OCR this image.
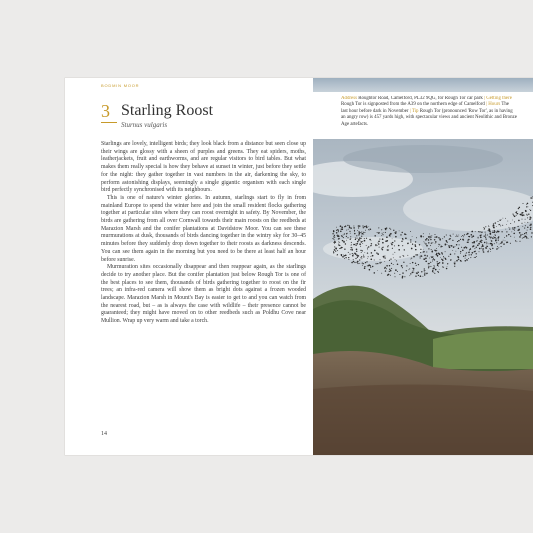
BODMIN MOOR
3 Starling Roost
Sturnus vulgaris

Starlings are lovely, intelligent birds; they look black from a distance but seen close up their wings are glossy with a sheen of purples and greens. They eat spiders, moths, leatherjackets, fruit and earthworms, and are regular visitors to bird tables. But what makes them really special is how they behave at sunset in winter, just before they settle for the night: they gather together in vast numbers in the air, darkening the sky, to perform astonishing displays, seemingly a single gigantic organism with each single bird perfectly synchronised with its neighbours.

This is one of nature's winter glories. In autumn, starlings start to fly in from mainland Europe to spend the winter here and join the small resident flocks gathering together at particular sites where they can roost overnight in safety. By November, the birds are gathering from all over Cornwall towards their main roosts on the reedbeds at Marazion Marsh and the conifer plantations at Davidstow Moor. You can see these murmurations at dusk, thousands of birds dancing together in the wintry sky for 30–45 minutes before they suddenly drop down together to their roosts as darkness descends. You can see them again in the morning but you need to be there at least half an hour before sunrise.

Murmuration sites occasionally disappear and then reappear again, as the starlings decide to try another place. But the conifer plantation just below Rough Tor is one of the best places to see them, thousands of birds gathering together to roost on the fir trees; an infra-red camera will show them as bright dots against a frozen wooded landscape. Marazion Marsh in Mount's Bay is easier to get to and you can watch from the nearest road, but – as is always the case with wildlife – their presence cannot be guaranteed; they might have moved on to other reedbeds such as Poldhu Cove near Mullion. Wrap up very warm and take a torch.

14
Address Roughtor Road, Camelford, PL32 9QG, for Rough Tor car park | Getting there
Rough Tor is signposted from the A39 on the northern edge of Camelford | Hours The
last hour before dark in November | Tip Rough Tor (pronounced 'Row Tor', as in having
an angry row) is 457 yards high, with spectacular views and ancient Neolithic and Bronze
Age artefacts.
